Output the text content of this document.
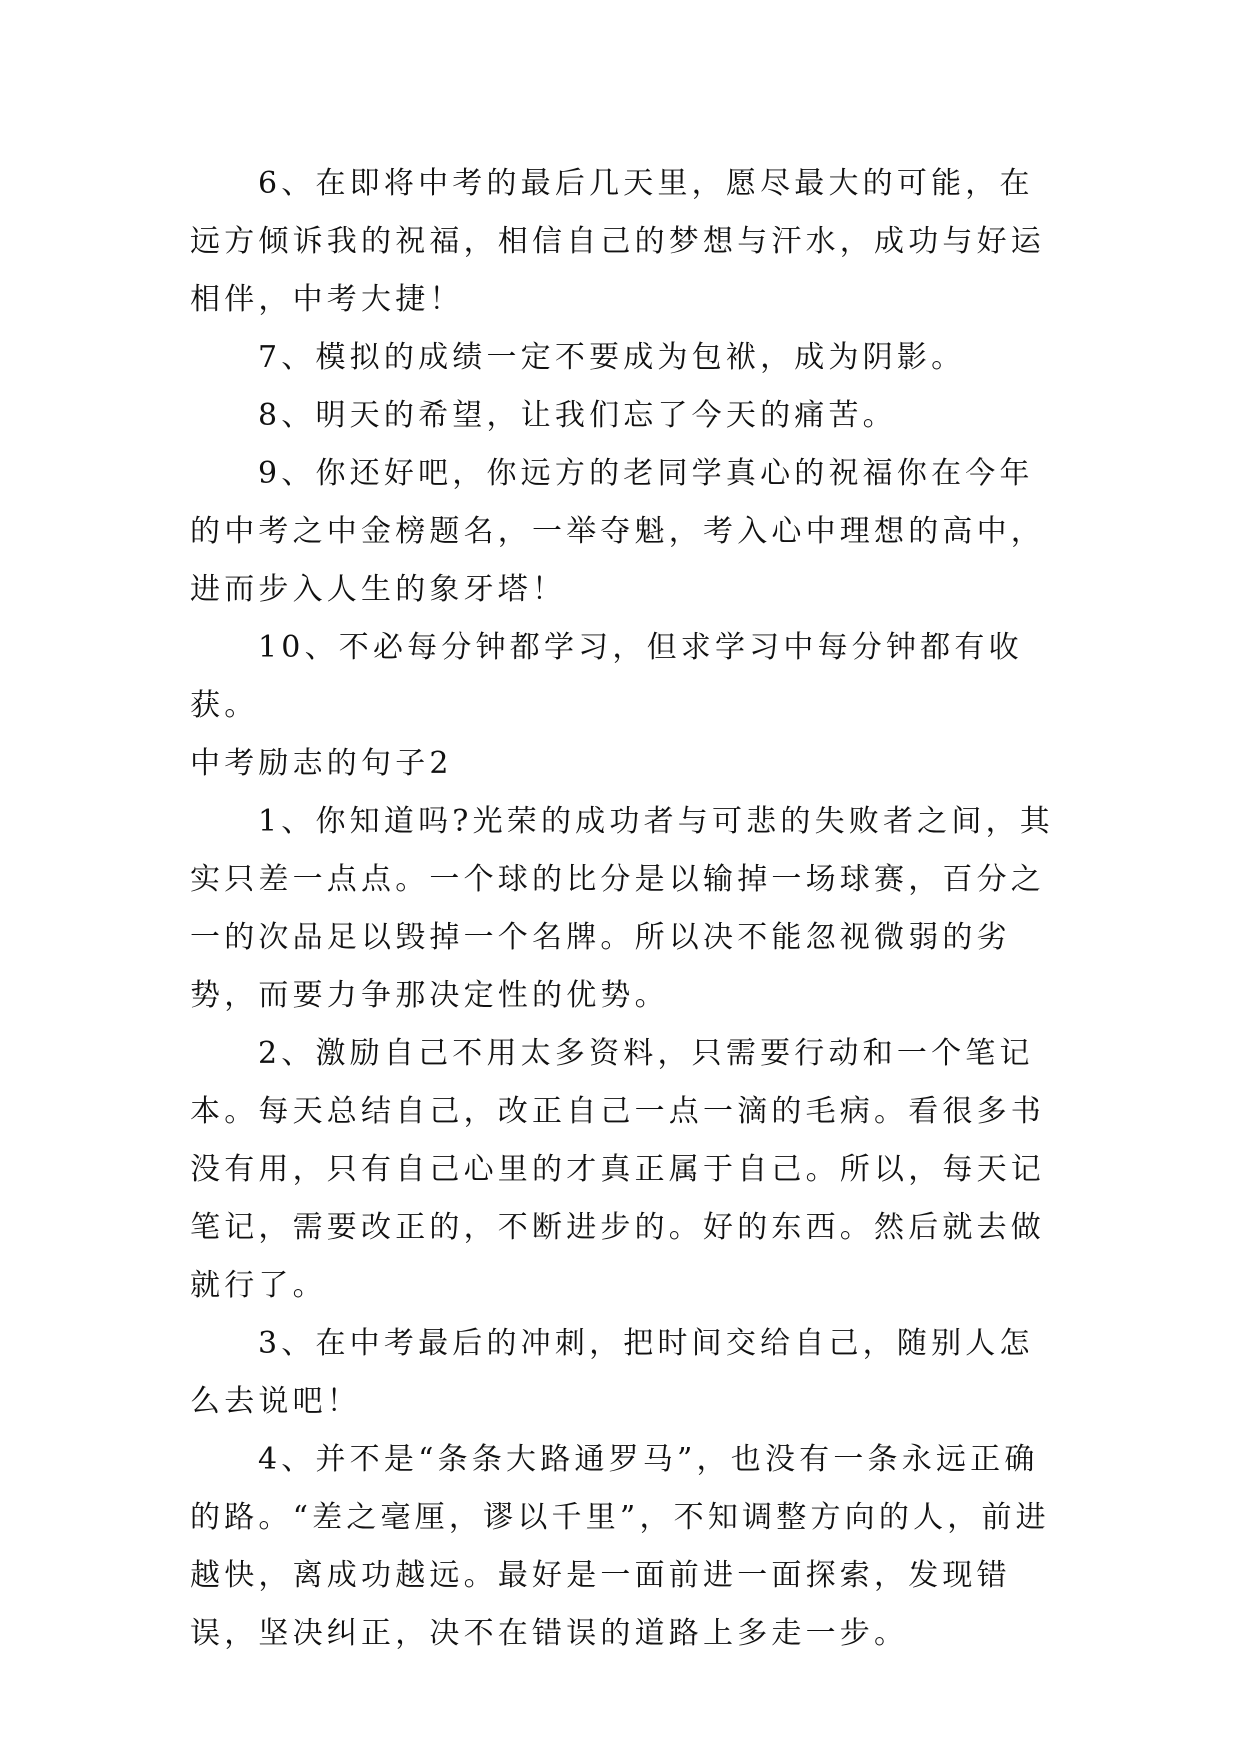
6、在即将中考的最后几天里，愿尽最大的可能，在远方倾诉我的祝福，相信自己的梦想与汗水，成功与好运相伴，中考大捷！

7、模拟的成绩一定不要成为包袱，成为阴影。

8、明天的希望，让我们忘了今天的痛苦。

9、你还好吧，你远方的老同学真心的祝福你在今年的中考之中金榜题名，一举夺魁，考入心中理想的高中，进而步入人生的象牙塔！

10、不必每分钟都学习，但求学习中每分钟都有收获。

中考励志的句子2

1、你知道吗?光荣的成功者与可悲的失败者之间，其实只差一点点。一个球的比分是以输掉一场球赛，百分之一的次品足以毁掉一个名牌。所以决不能忽视微弱的劣势，而要力争那决定性的优势。

2、激励自己不用太多资料，只需要行动和一个笔记本。每天总结自己，改正自己一点一滴的毛病。看很多书没有用，只有自己心里的才真正属于自己。所以，每天记笔记，需要改正的，不断进步的。好的东西。然后就去做就行了。

3、在中考最后的冲刺，把时间交给自己，随别人怎么去说吧！

4、并不是“条条大路通罗马”，也没有一条永远正确的路。“差之毫厘，谬以千里”，不知调整方向的人，前进越快，离成功越远。最好是一面前进一面探索，发现错误，坚决纠正，决不在错误的道路上多走一步。
